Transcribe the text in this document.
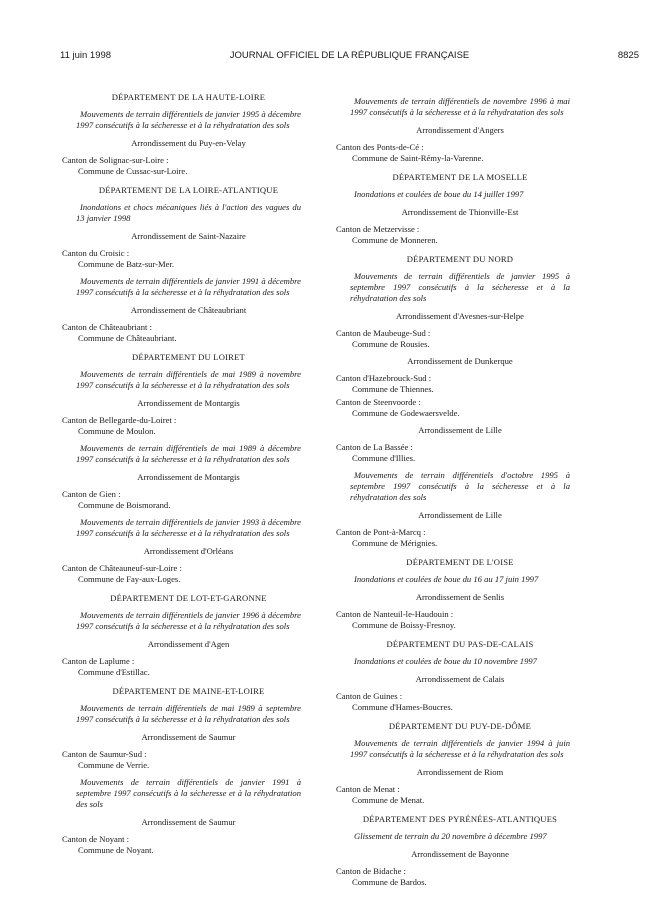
11 juin 1998	JOURNAL OFFICIEL DE LA RÉPUBLIQUE FRANÇAISE	8825
DÉPARTEMENT DE LA HAUTE-LOIRE
Mouvements de terrain différentiels de janvier 1995 à décembre 1997 consécutifs à la sécheresse et à la réhydratation des sols
Arrondissement du Puy-en-Velay
Canton de Solignac-sur-Loire :
Commune de Cussac-sur-Loire.
DÉPARTEMENT DE LA LOIRE-ATLANTIQUE
Inondations et chocs mécaniques liés à l'action des vagues du 13 janvier 1998
Arrondissement de Saint-Nazaire
Canton du Croisic :
Commune de Batz-sur-Mer.
Mouvements de terrain différentiels de janvier 1991 à décembre 1997 consécutifs à la sécheresse et à la réhydratation des sols
Arrondissement de Châteaubriant
Canton de Châteaubriant :
Commune de Châteaubriant.
DÉPARTEMENT DU LOIRET
Mouvements de terrain différentiels de mai 1989 à novembre 1997 consécutifs à la sécheresse et à la réhydratation des sols
Arrondissement de Montargis
Canton de Bellegarde-du-Loiret :
Commune de Moulon.
Mouvements de terrain différentiels de mai 1989 à décembre 1997 consécutifs à la sécheresse et à la réhydratation des sols
Arrondissement de Montargis
Canton de Gien :
Commune de Boismorand.
Mouvements de terrain différentiels de janvier 1993 à décembre 1997 consécutifs à la sécheresse et à la réhydratation des sols
Arrondissement d'Orléans
Canton de Châteauneuf-sur-Loire :
Commune de Fay-aux-Loges.
DÉPARTEMENT DE LOT-ET-GARONNE
Mouvements de terrain différentiels de janvier 1996 à décembre 1997 consécutifs à la sécheresse et à la réhydratation des sols
Arrondissement d'Agen
Canton de Laplume :
Commune d'Estillac.
DÉPARTEMENT DE MAINE-ET-LOIRE
Mouvements de terrain différentiels de mai 1989 à septembre 1997 consécutifs à la sécheresse et à la réhydratation des sols
Arrondissement de Saumur
Canton de Saumur-Sud :
Commune de Verrie.
Mouvements de terrain différentiels de janvier 1991 à septembre 1997 consécutifs à la sécheresse et à la réhydratation des sols
Arrondissement de Saumur
Canton de Noyant :
Commune de Noyant.
Mouvements de terrain différentiels de novembre 1996 à mai 1997 consécutifs à la sécheresse et à la réhydratation des sols
Arrondissement d'Angers
Canton des Ponts-de-Cé :
Commune de Saint-Rémy-la-Varenne.
DÉPARTEMENT DE LA MOSELLE
Inondations et coulées de boue du 14 juillet 1997
Arrondissement de Thionville-Est
Canton de Metzervisse :
Commune de Monneren.
DÉPARTEMENT DU NORD
Mouvements de terrain différentiels de janvier 1995 à septembre 1997 consécutifs à la sécheresse et à la réhydratation des sols
Arrondissement d'Avesnes-sur-Helpe
Canton de Maubeuge-Sud :
Commune de Rousies.
Arrondissement de Dunkerque
Canton d'Hazebrouck-Sud :
Commune de Thiennes.
Canton de Steenvoorde :
Commune de Godewaersvelde.
Arrondissement de Lille
Canton de La Bassée :
Commune d'Illies.
Mouvements de terrain différentiels d'octobre 1995 à septembre 1997 consécutifs à la sécheresse et à la réhydratation des sols
Arrondissement de Lille
Canton de Pont-à-Marcq :
Commune de Mérignies.
DÉPARTEMENT DE L'OISE
Inondations et coulées de boue du 16 au 17 juin 1997
Arrondissement de Senlis
Canton de Nanteuil-le-Haudouin :
Commune de Boissy-Fresnoy.
DÉPARTEMENT DU PAS-DE-CALAIS
Inondations et coulées de boue du 10 novembre 1997
Arrondissement de Calais
Canton de Guines :
Commune d'Hames-Boucres.
DÉPARTEMENT DU PUY-DE-DÔME
Mouvements de terrain différentiels de janvier 1994 à juin 1997 consécutifs à la sécheresse et à la réhydratation des sols
Arrondissement de Riom
Canton de Menat :
Commune de Menat.
DÉPARTEMENT DES PYRÉNÉES-ATLANTIQUES
Glissement de terrain du 20 novembre à décembre 1997
Arrondissement de Bayonne
Canton de Bidache :
Commune de Bardos.
